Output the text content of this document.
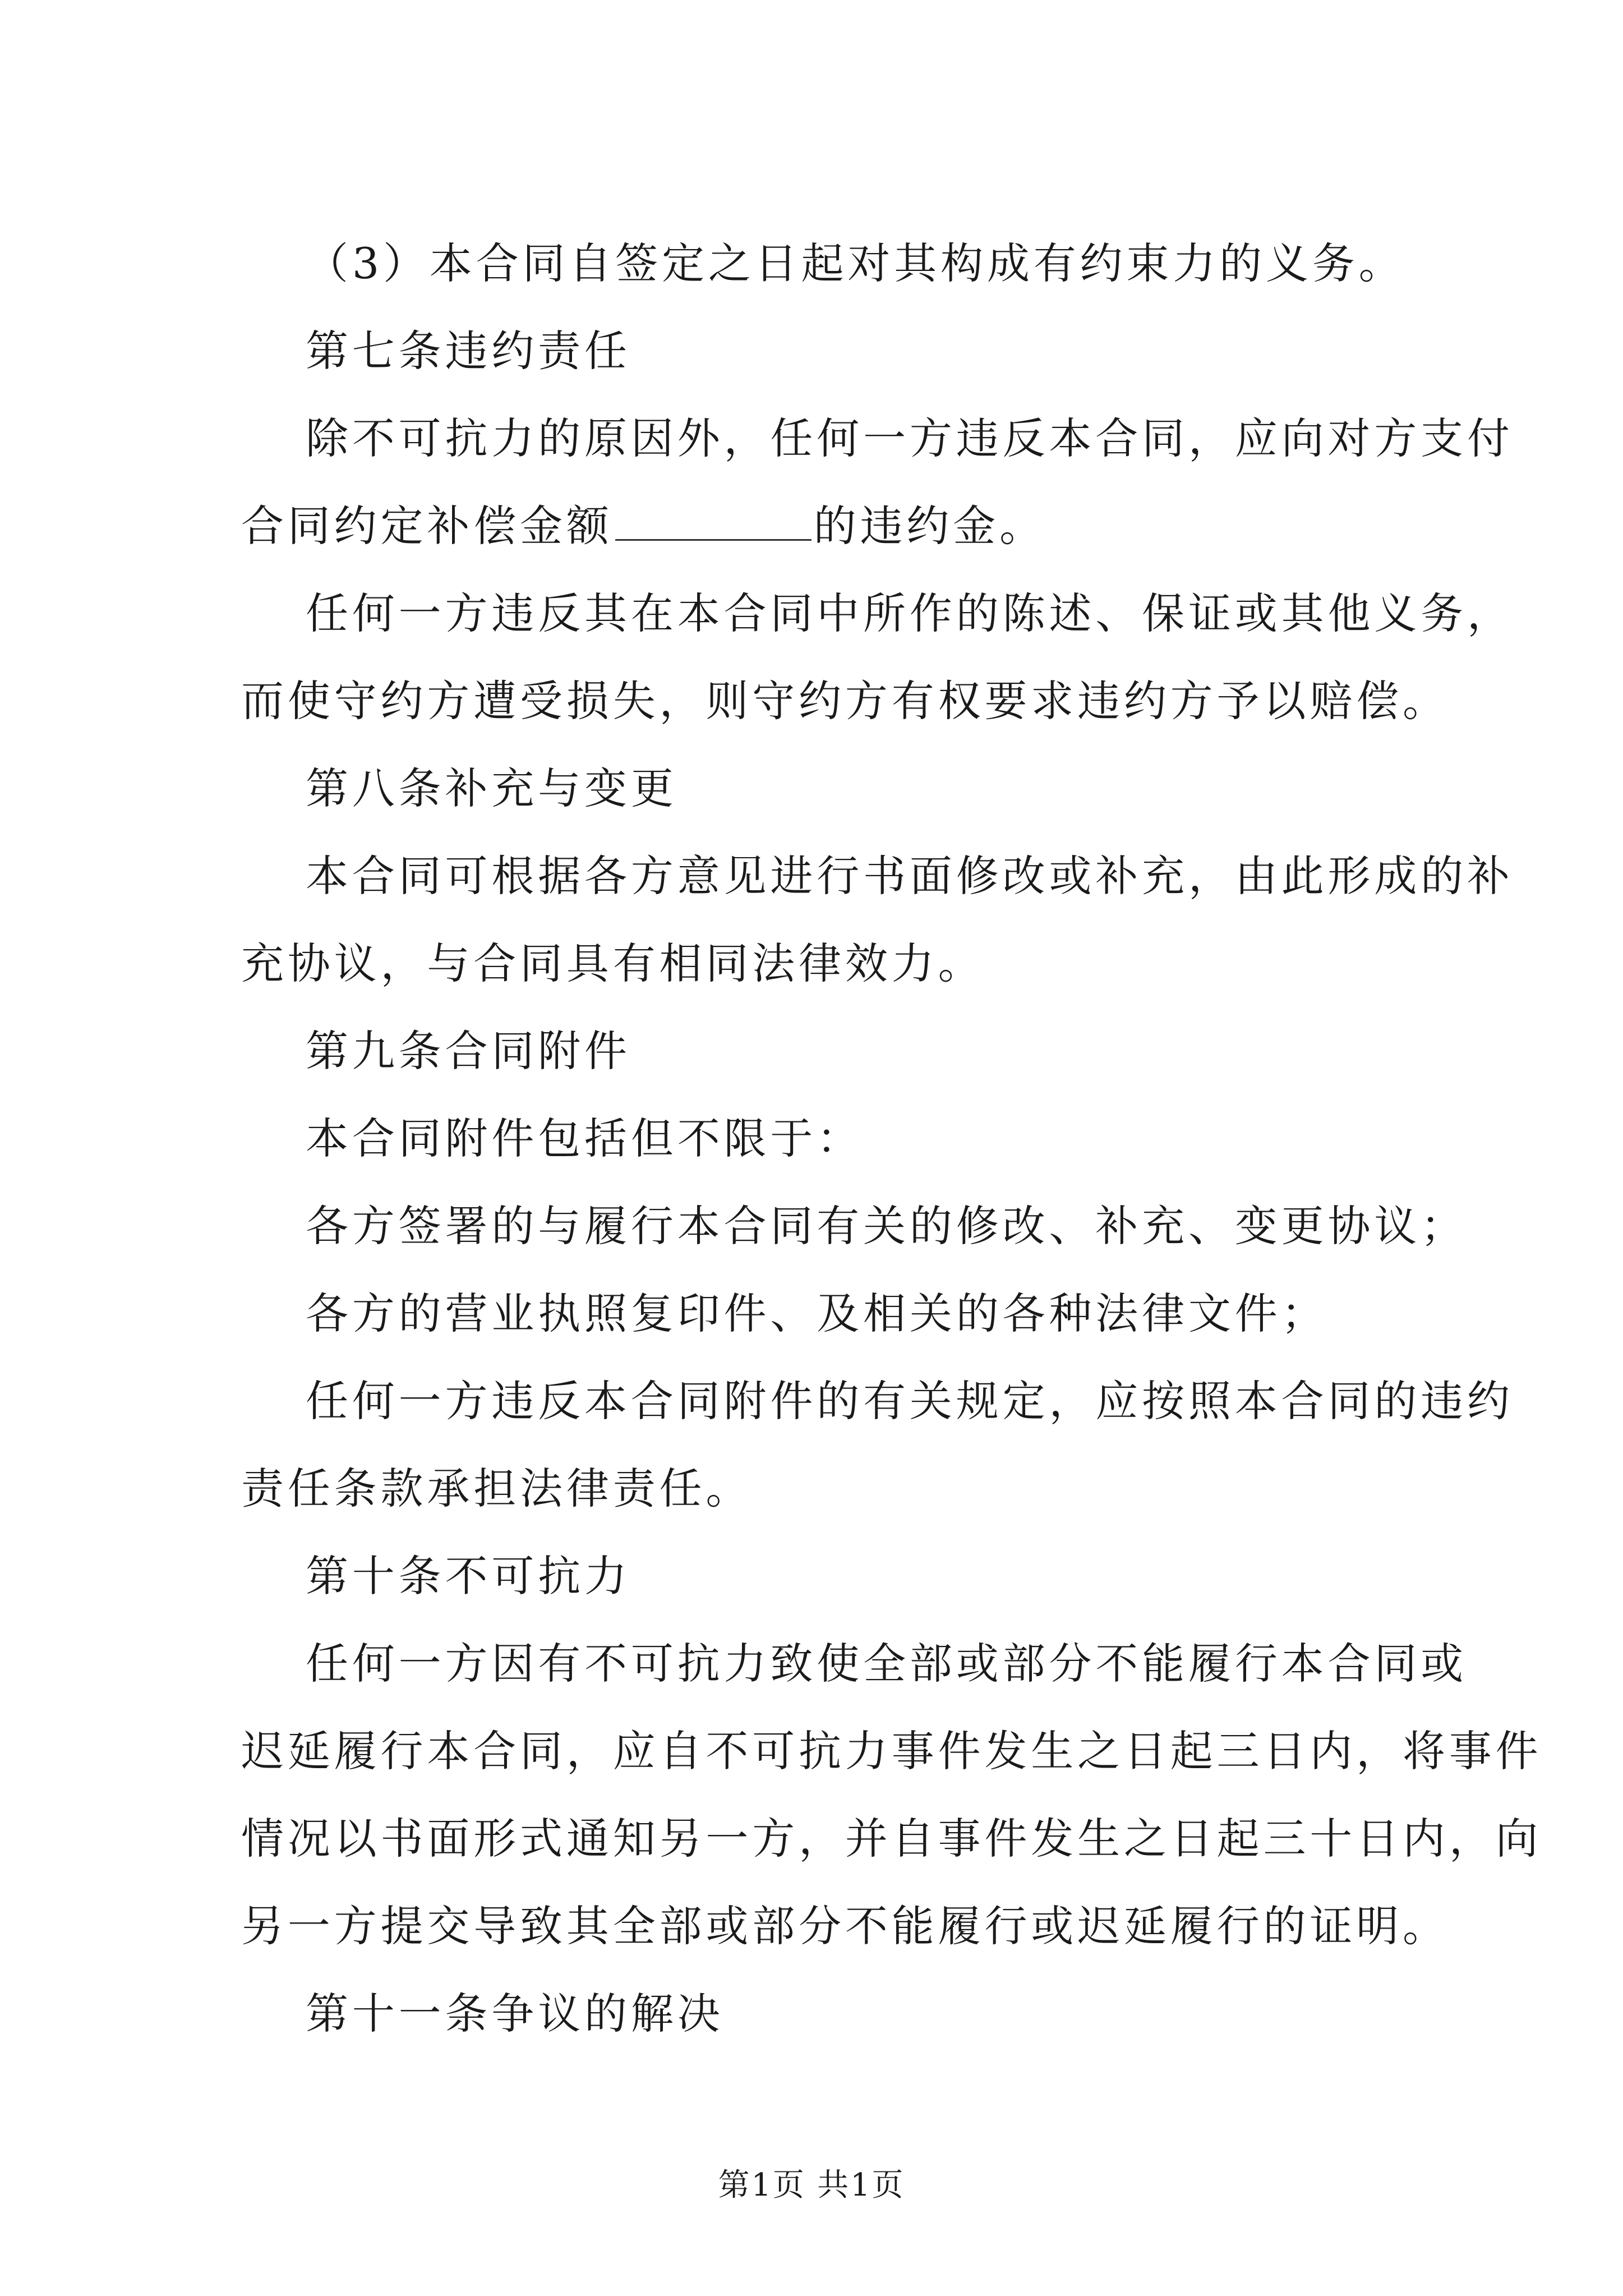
（3）本合同自签定之日起对其构成有约束力的义务。
第七条违约责任
除不可抗力的原因外，任何一方违反本合同，应向对方支付
合同约定补偿金额	的违约金。
任何一方违反其在本合同中所作的陈述、保证或其他义务，
而使守约方遭受损失，则守约方有权要求违约方予以赔偿。
第八条补充与变更
本合同可根据各方意见进行书面修改或补充，由此形成的补
充协议，与合同具有相同法律效力。
第九条合同附件
本合同附件包括但不限于：
各方签署的与履行本合同有关的修改、补充、变更协议；
各方的营业执照复印件、及相关的各种法律文件；
任何一方违反本合同附件的有关规定，应按照本合同的违约
责任条款承担法律责任。
第十条不可抗力
任何一方因有不可抗力致使全部或部分不能履行本合同或
迟延履行本合同，应自不可抗力事件发生之日起三日内，将事件
情况以书面形式通知另一方，并自事件发生之日起三十日内，向
另一方提交导致其全部或部分不能履行或迟延履行的证明。
第十一条争议的解决
第1页 共1页
